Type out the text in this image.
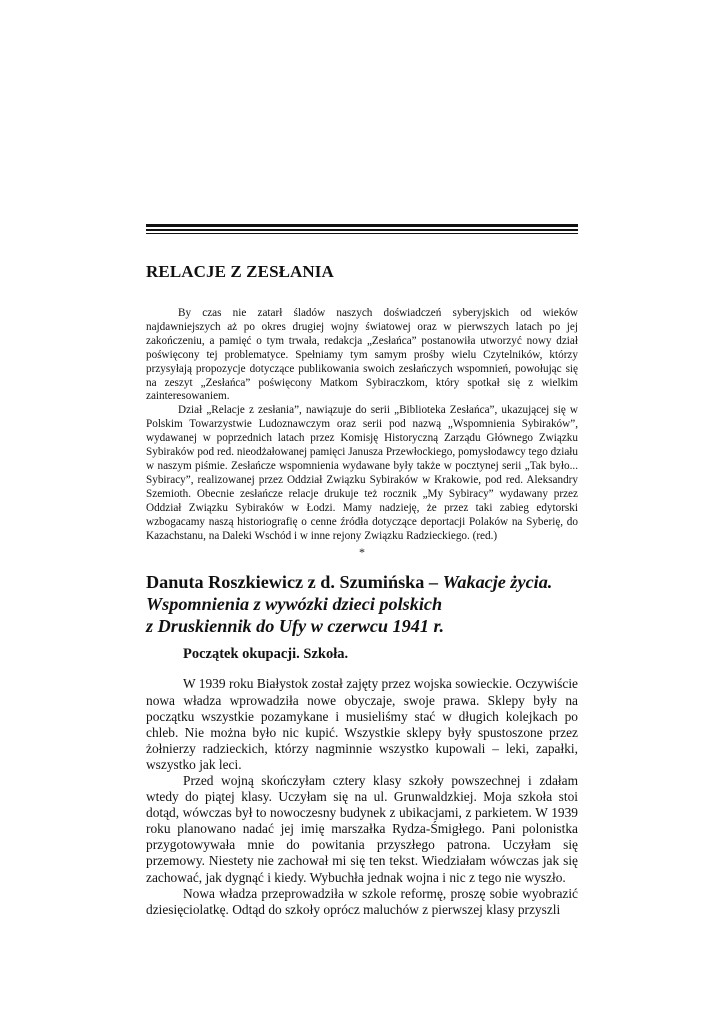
RELACJE Z ZESŁANIA

By czas nie zatarł śladów naszych doświadczeń syberyjskich od wieków najdawniejszych aż po okres drugiej wojny światowej oraz w pierwszych latach po jej zakończeniu, a pamięć o tym trwała, redakcja „Zesłańca” postanowiła utworzyć nowy dział poświęcony tej problematyce. Spełniamy tym samym prośby wielu Czytelników, którzy przysyłają propozycje dotyczące publikowania swoich zesłańczych wspomnień, powołując się na zeszyt „Zesłańca” poświęcony Matkom Sybiraczkom, który spotkał się z wielkim zainteresowaniem.

Dział „Relacje z zesłania”, nawiązuje do serii „Biblioteka Zesłańca”, ukazującej się w Polskim Towarzystwie Ludoznawczym oraz serii pod nazwą „Wspomnienia Sybiraków”, wydawanej w poprzednich latach przez Komisję Historyczną Zarządu Głównego Związku Sybiraków pod red. nieodżałowanej pamięci Janusza Przewłockiego, pomysłodawcy tego działu w naszym piśmie. Zesłańcze wspomnienia wydawane były także w pocztynej serii „Tak było... Sybiracy”, realizowanej przez Oddział Związku Sybiraków w Krakowie, pod red. Aleksandry Szemioth. Obecnie zesłańcze relacje drukuje też rocznik „My Sybiracy” wydawany przez Oddział Związku Sybiraków w Łodzi. Mamy nadzieję, że przez taki zabieg edytorski wzbogacamy naszą historiografię o cenne źródła dotyczące deportacji Polaków na Syberię, do Kazachstanu, na Daleki Wschód i w inne rejony Związku Radzieckiego. (red.)

*
Danuta Roszkiewicz z d. Szumińska – Wakacje życia.
Wspomnienia z wywózki dzieci polskich
z Druskiennik do Ufy w czerwcu 1941 r.
Początek okupacji. Szkoła.

W 1939 roku Białystok został zajęty przez wojska sowieckie. Oczywiście nowa władza wprowadziła nowe obyczaje, swoje prawa. Sklepy były na początku wszystkie pozamykane i musieliśmy stać w długich kolejkach po chleb. Nie można było nic kupić. Wszystkie sklepy były spustoszone przez żołnierzy radzieckich, którzy nagminnie wszystko kupowali – leki, zapałki, wszystko jak leci.

Przed wojną skończyłam cztery klasy szkoły powszechnej i zdałam wtedy do piątej klasy. Uczyłam się na ul. Grunwaldzkiej. Moja szkoła stoi dotąd, wówczas był to nowoczesny budynek z ubikacjami, z parkietem. W 1939 roku planowano nadać jej imię marszałka Rydza-Śmigłego. Pani polonistka przygotowywała mnie do powitania przyszłego patrona. Uczyłam się przemowy. Niestety nie zachował mi się ten tekst. Wiedziałam wówczas jak się zachować, jak dygnąć i kiedy. Wybuchła jednak wojna i nic z tego nie wyszło.

Nowa władza przeprowadziła w szkole reformę, proszę sobie wyobrazić dziesięciolatkę. Odtąd do szkoły oprócz maluchów z pierwszej klasy przyszli
